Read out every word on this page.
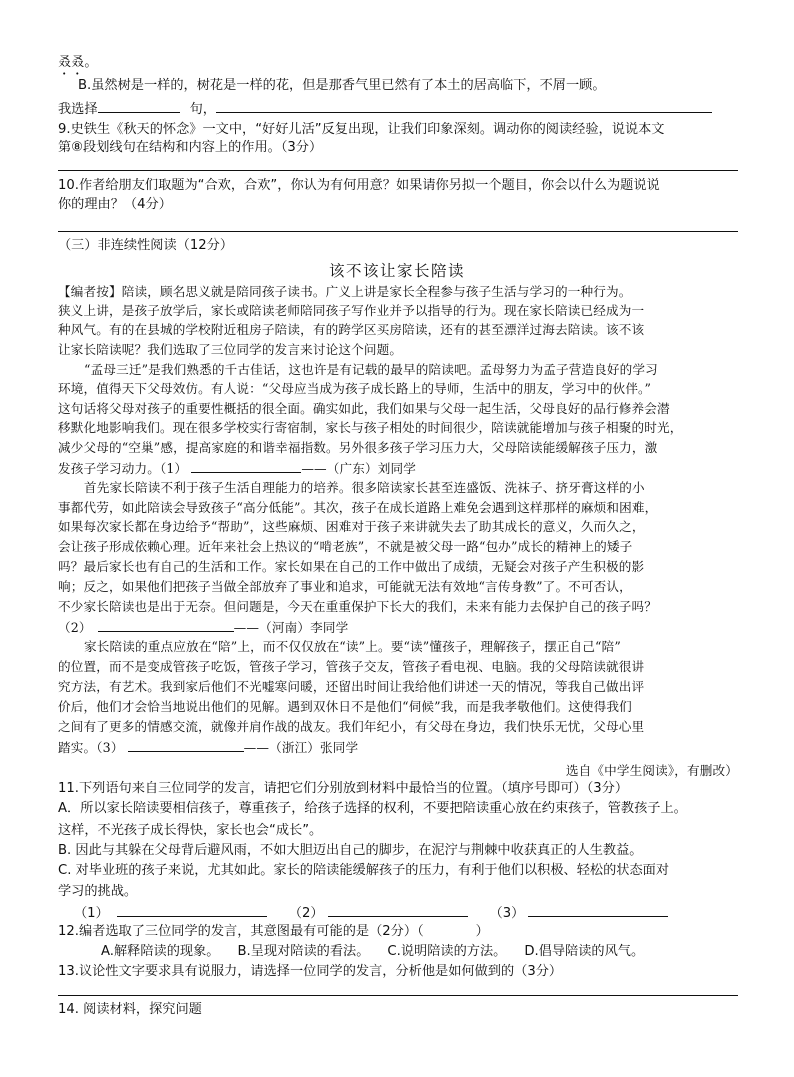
叒叒。
B.虽然树是一样的，树花是一样的花，但是那香气里已然有了本土的居高临下，不屑一顾。
我选择	句，
9.史铁生《秋天的怀念》一文中，“好好儿活”反复出现，让我们印象深刻。调动你的阅读经验，说说本文
第⑧段划线句在结构和内容上的作用。（3分）
10.作者给朋友们取题为“合欢，合欢”，你认为有何用意？如果请你另拟一个题目，你会以什么为题说说
你的理由？（4分）
（三）非连续性阅读（12分）
该不该让家长陪读
【编者按】陪读，顾名思义就是陪同孩子读书。广义上讲是家长全程参与孩子生活与学习的一种行为。
狭义上讲，是孩子放学后，家长或陪读老师陪同孩子写作业并予以指导的行为。现在家长陪读已经成为一
种风气。有的在县城的学校附近租房子陪读，有的跨学区买房陪读，还有的甚至漂洋过海去陪读。该不该
让家长陪读呢？我们选取了三位同学的发言来讨论这个问题。
“孟母三迁”是我们熟悉的千古佳话，这也许是有记载的最早的陪读吧。孟母努力为孟子营造良好的学习
环境，值得天下父母效仿。有人说：“父母应当成为孩子成长路上的导师，生活中的朋友，学习中的伙伴。”
这句话将父母对孩子的重要性概括的很全面。确实如此，我们如果与父母一起生活，父母良好的品行修养会潜
移默化地影响我们。现在很多学校实行寄宿制，家长与孩子相处的时间很少，陪读就能增加与孩子相聚的时光，
减少父母的“空巢”感，提高家庭的和谐幸福指数。另外很多孩子学习压力大，父母陪读能缓解孩子压力，激
发孩子学习动力。（1）	——（广东）刘同学
首先家长陪读不利于孩子生活自理能力的培养。很多陪读家长甚至连盛饭、洗袜子、挤牙膏这样的小
事都代劳，如此陪读会导致孩子“高分低能”。其次，孩子在成长道路上难免会遇到这样那样的麻烦和困难，
如果每次家长都在身边给予“帮助”，这些麻烦、困难对于孩子来讲就失去了助其成长的意义，久而久之，
会让孩子形成依赖心理。近年来社会上热议的“啃老族”，不就是被父母一路“包办”成长的精神上的矮子
吗？最后家长也有自己的生活和工作。家长如果在自己的工作中做出了成绩，无疑会对孩子产生积极的影
响；反之，如果他们把孩子当做全部放弃了事业和追求，可能就无法有效地“言传身教”了。不可否认，
不少家长陪读也是出于无奈。但问题是，今天在重重保护下长大的我们，未来有能力去保护自己的孩子吗？
（2）	——（河南）李同学
家长陪读的重点应放在“陪”上，而不仅仅放在“读”上。要“读”懂孩子，理解孩子，摆正自己“陪”
的位置，而不是变成管孩子吃饭，管孩子学习，管孩子交友，管孩子看电视、电脑。我的父母陪读就很讲
究方法，有艺术。我到家后他们不光嘘寒问暖，还留出时间让我给他们讲述一天的情况，等我自己做出评
价后，他们才会恰当地说出他们的见解。遇到双休日不是他们“伺候”我，而是我孝敬他们。这使得我们
之间有了更多的情感交流，就像并肩作战的战友。我们年纪小，有父母在身边，我们快乐无忧，父母心里
踏实。（3）	——（浙江）张同学
选自《中学生阅读》，有删改）
11.下列语句来自三位同学的发言，请把它们分别放到材料中最恰当的位置。（填序号即可）（3分）
A．所以家长陪读要相信孩子，尊重孩子，给孩子选择的权利，不要把陪读重心放在约束孩子，管教孩子上。
这样，不光孩子成长得快，家长也会“成长”。
B. 因此与其躲在父母背后避风雨，不如大胆迈出自己的脚步，在泥泞与荆棘中收获真正的人生教益。
C. 对毕业班的孩子来说，尤其如此。家长的陪读能缓解孩子的压力，有利于他们以积极、轻松的状态面对
学习的挑战。
（1）	（2）	（3）
12.编者选取了三位同学的发言，其意图最有可能的是（2分）（	）
A.解释陪读的现象。 B.呈现对陪读的看法。 C.说明陪读的方法。 D.倡导陪读的风气。
13.议论性文字要求具有说服力，请选择一位同学的发言，分析他是如何做到的（3分）
14. 阅读材料，探究问题
